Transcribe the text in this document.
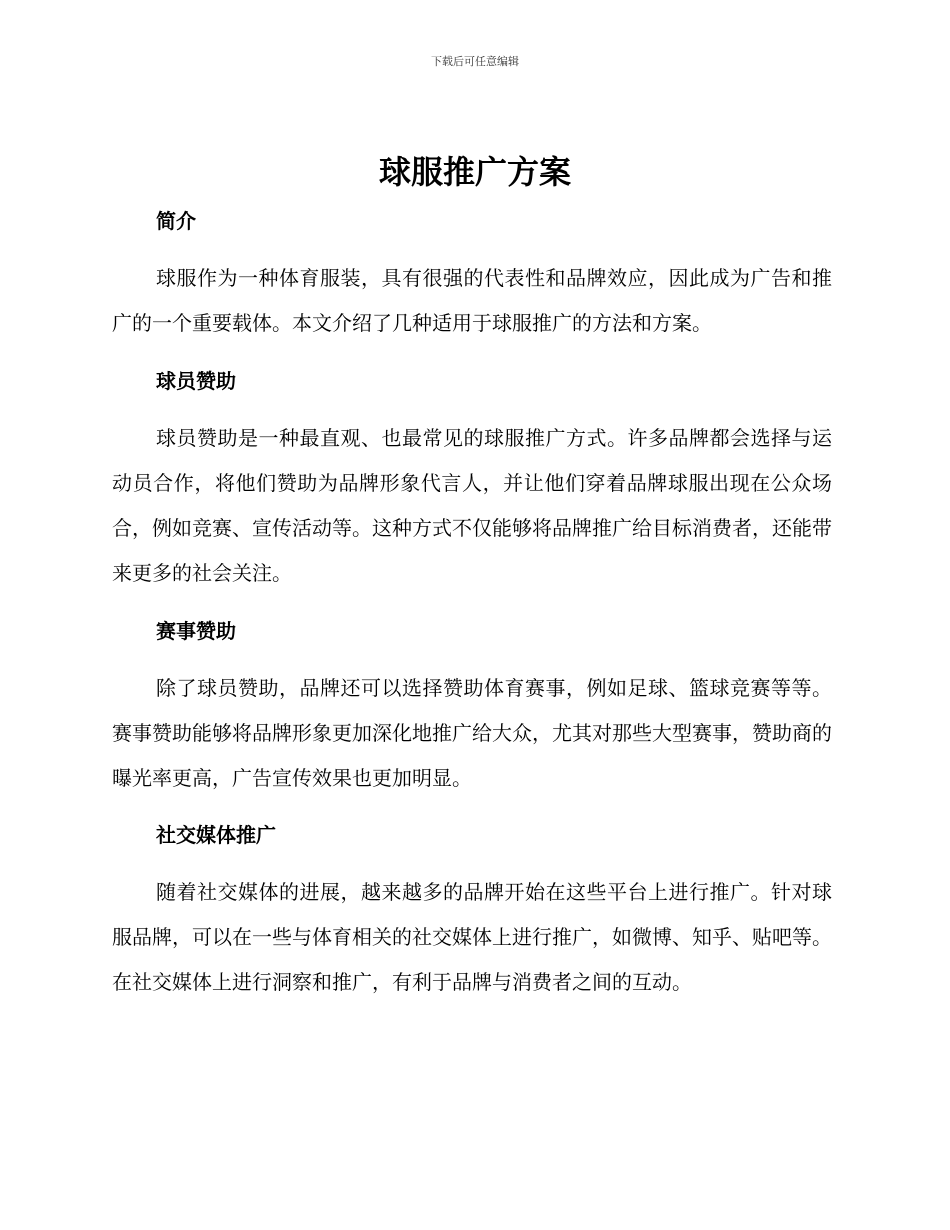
下载后可任意编辑
球服推广方案
简介

球服作为一种体育服装，具有很强的代表性和品牌效应，因此成为广告和推广的一个重要载体。本文介绍了几种适用于球服推广的方法和方案。

球员赞助

球员赞助是一种最直观、也最常见的球服推广方式。许多品牌都会选择与运动员合作，将他们赞助为品牌形象代言人，并让他们穿着品牌球服出现在公众场合，例如竞赛、宣传活动等。这种方式不仅能够将品牌推广给目标消费者，还能带来更多的社会关注。

赛事赞助

除了球员赞助，品牌还可以选择赞助体育赛事，例如足球、篮球竞赛等等。赛事赞助能够将品牌形象更加深化地推广给大众，尤其对那些大型赛事，赞助商的曝光率更高，广告宣传效果也更加明显。

社交媒体推广

随着社交媒体的进展，越来越多的品牌开始在这些平台上进行推广。针对球服品牌，可以在一些与体育相关的社交媒体上进行推广，如微博、知乎、贴吧等。在社交媒体上进行洞察和推广，有利于品牌与消费者之间的互动。
